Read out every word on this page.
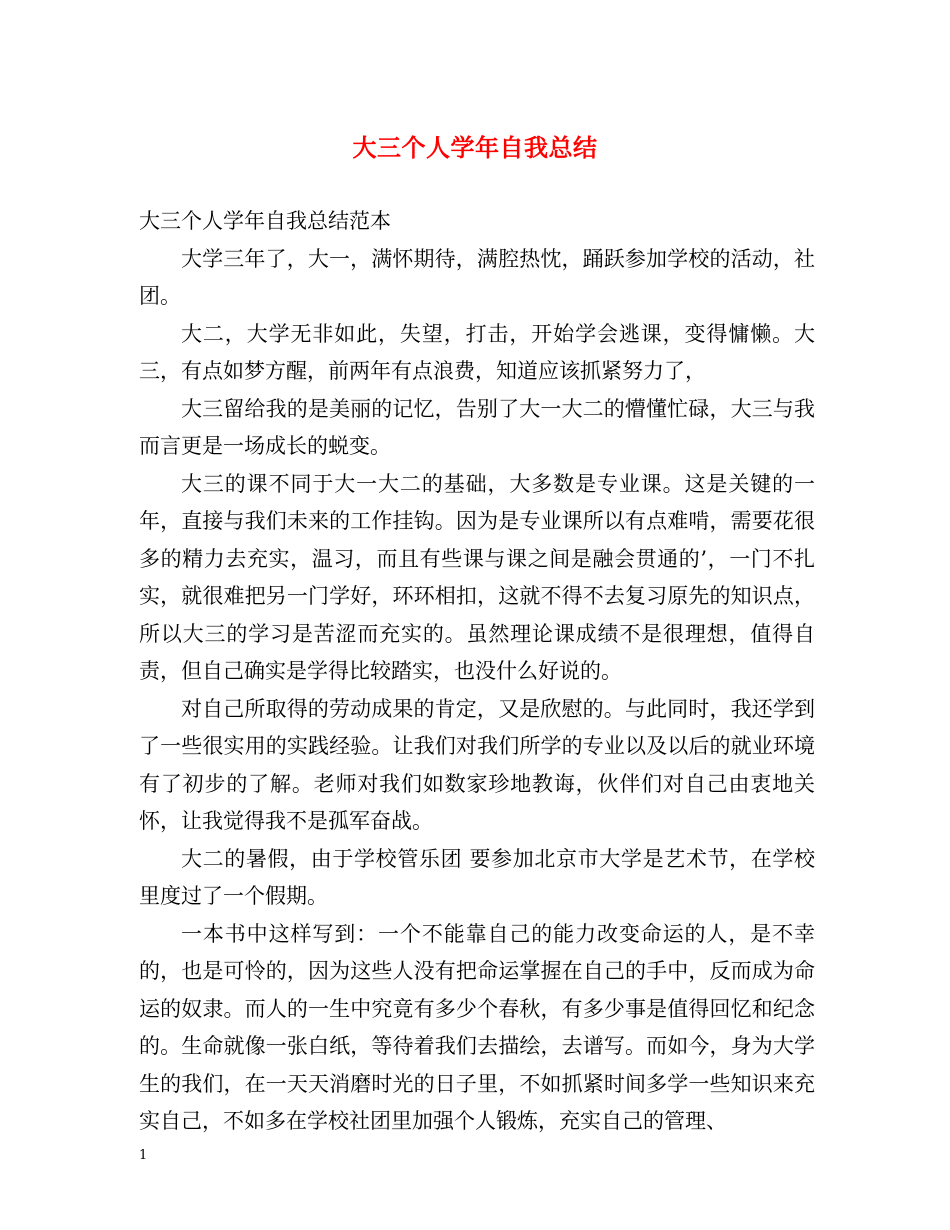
大三个人学年自我总结

大三个人学年自我总结范本

大学三年了，大一，满怀期待，满腔热忱，踊跃参加学校的活动，社团。

大二，大学无非如此，失望，打击，开始学会逃课，变得慵懒。大三，有点如梦方醒，前两年有点浪费，知道应该抓紧努力了，

大三留给我的是美丽的记忆，告别了大一大二的懵懂忙碌，大三与我而言更是一场成长的蜕变。

大三的课不同于大一大二的基础，大多数是专业课。这是关键的一年，直接与我们未来的工作挂钩。因为是专业课所以有点难啃，需要花很多的精力去充实，温习，而且有些课与课之间是融会贯通的’，一门不扎实，就很难把另一门学好，环环相扣，这就不得不去复习原先的知识点，所以大三的学习是苦涩而充实的。虽然理论课成绩不是很理想，值得自责，但自己确实是学得比较踏实，也没什么好说的。

对自己所取得的劳动成果的肯定，又是欣慰的。与此同时，我还学到了一些很实用的实践经验。让我们对我们所学的专业以及以后的就业环境有了初步的了解。老师对我们如数家珍地教诲，伙伴们对自己由衷地关怀，让我觉得我不是孤军奋战。

大二的暑假，由于学校管乐团 要参加北京市大学是艺术节，在学校里度过了一个假期。

一本书中这样写到：一个不能靠自己的能力改变命运的人，是不幸的，也是可怜的，因为这些人没有把命运掌握在自己的手中，反而成为命运的奴隶。而人的一生中究竟有多少个春秋，有多少事是值得回忆和纪念的。生命就像一张白纸，等待着我们去描绘，去谱写。而如今，身为大学生的我们，在一天天消磨时光的日子里，不如抓紧时间多学一些知识来充实自己，不如多在学校社团里加强个人锻炼，充实自己的管理、

1
